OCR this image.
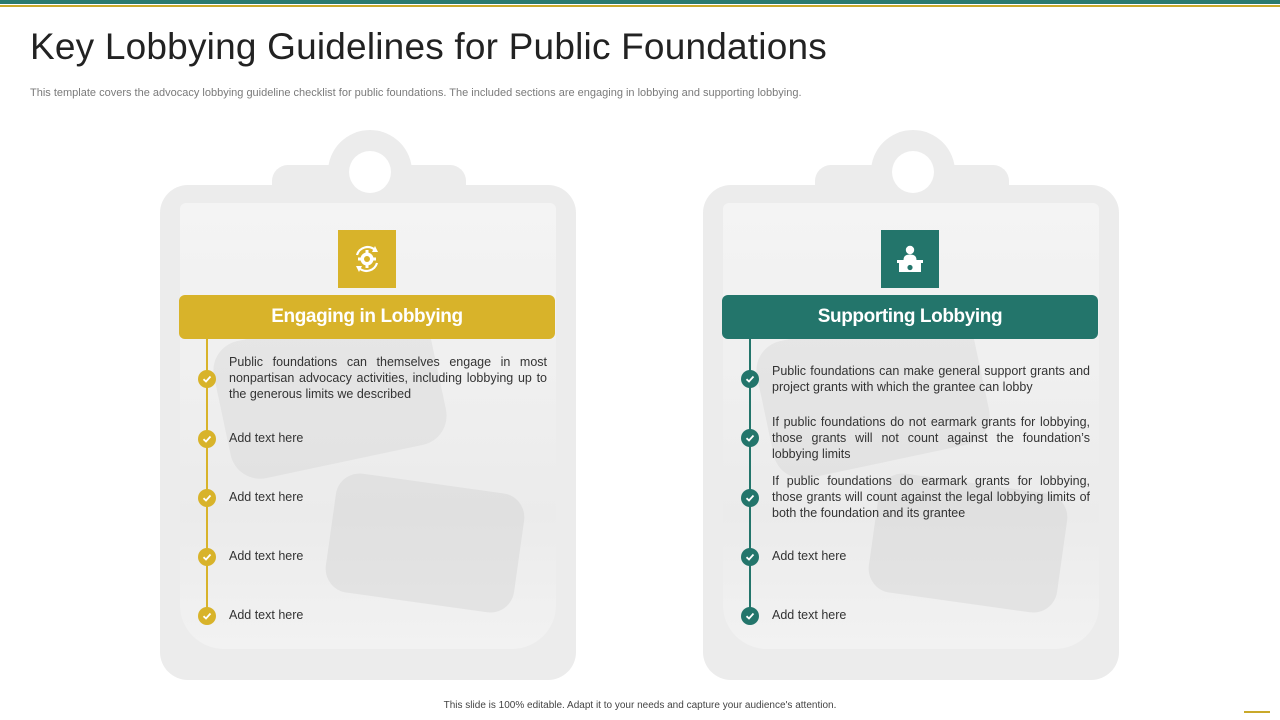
Key Lobbying Guidelines for Public Foundations
This template covers the advocacy lobbying guideline checklist for public foundations. The included sections are engaging in lobbying and supporting lobbying.
Engaging in Lobbying
Public foundations can themselves engage in most nonpartisan advocacy activities, including lobbying up to the generous limits we described
Add text here
Add text here
Add text here
Add text here
Supporting Lobbying
Public foundations can make general support grants and project grants with which the grantee can lobby
If public foundations do not earmark grants for lobbying, those grants will not count against the foundation’s lobbying limits
If public foundations do earmark grants for lobbying, those grants will count against the legal lobbying limits of both the foundation and its grantee
Add text here
Add text here
This slide is 100% editable. Adapt it to your needs and capture your audience's attention.
